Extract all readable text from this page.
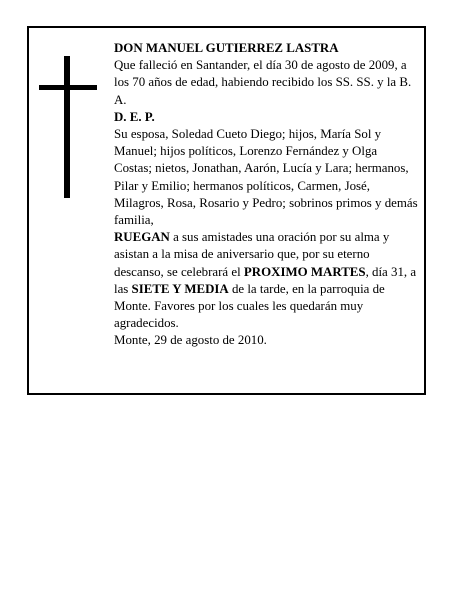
DON MANUEL GUTIERREZ LASTRA

Que falleció en Santander, el día 30 de agosto de 2009, a los 70 años de edad, habiendo recibido los SS. SS. y la B. A.

D. E. P.

Su esposa, Soledad Cueto Diego; hijos, María Sol y Manuel; hijos políticos, Lorenzo Fernández y Olga Costas; nietos, Jonathan, Aarón, Lucía y Lara; hermanos, Pilar y Emilio; hermanos políticos, Carmen, José, Milagros, Rosa, Rosario y Pedro; sobrinos primos y demás familia,

RUEGAN a sus amistades una oración por su alma y asistan a la misa de aniversario que, por su eterno descanso, se celebrará el PROXIMO MARTES, día 31, a las SIETE Y MEDIA de la tarde, en la parroquia de Monte. Favores por los cuales les quedarán muy agradecidos.

Monte, 29 de agosto de 2010.
